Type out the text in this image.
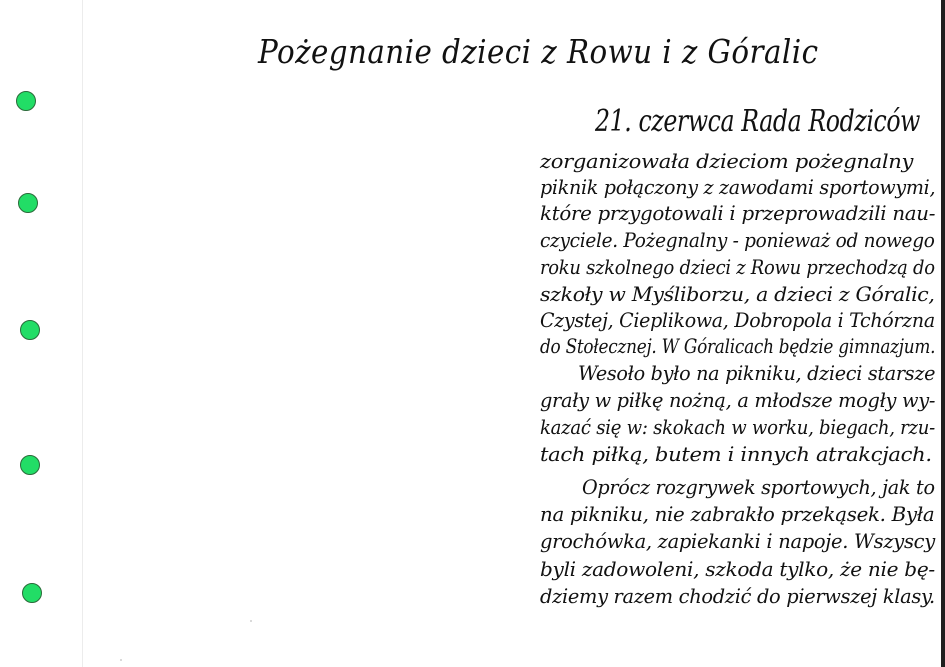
Pożegnanie dzieci z Rowu i z Góralic
21. czerwca Rada Rodziców
zorganizowała dzieciom pożegnalny
piknik połączony z zawodami sportowymi,
które przygotowali i przeprowadzili nau-
czyciele. Pożegnalny - ponieważ od nowego
roku szkolnego dzieci z Rowu przechodzą do
szkoły w Myśliborzu, a dzieci z Góralic,
Czystej, Cieplikowa, Dobropola i Tchórzna
do Stołecznej. W Góralicach będzie gimnazjum.
Wesoło było na pikniku, dzieci starsze
grały w piłkę nożną, a młodsze mogły wy-
kazać się w: skokach w worku, biegach, rzu-
tach piłką, butem i innych atrakcjach.
Oprócz rozgrywek sportowych, jak to
na pikniku, nie zabrakło przekąsek. Była
grochówka, zapiekanki i napoje. Wszyscy
byli zadowoleni, szkoda tylko, że nie bę-
dziemy razem chodzić do pierwszej klasy.
